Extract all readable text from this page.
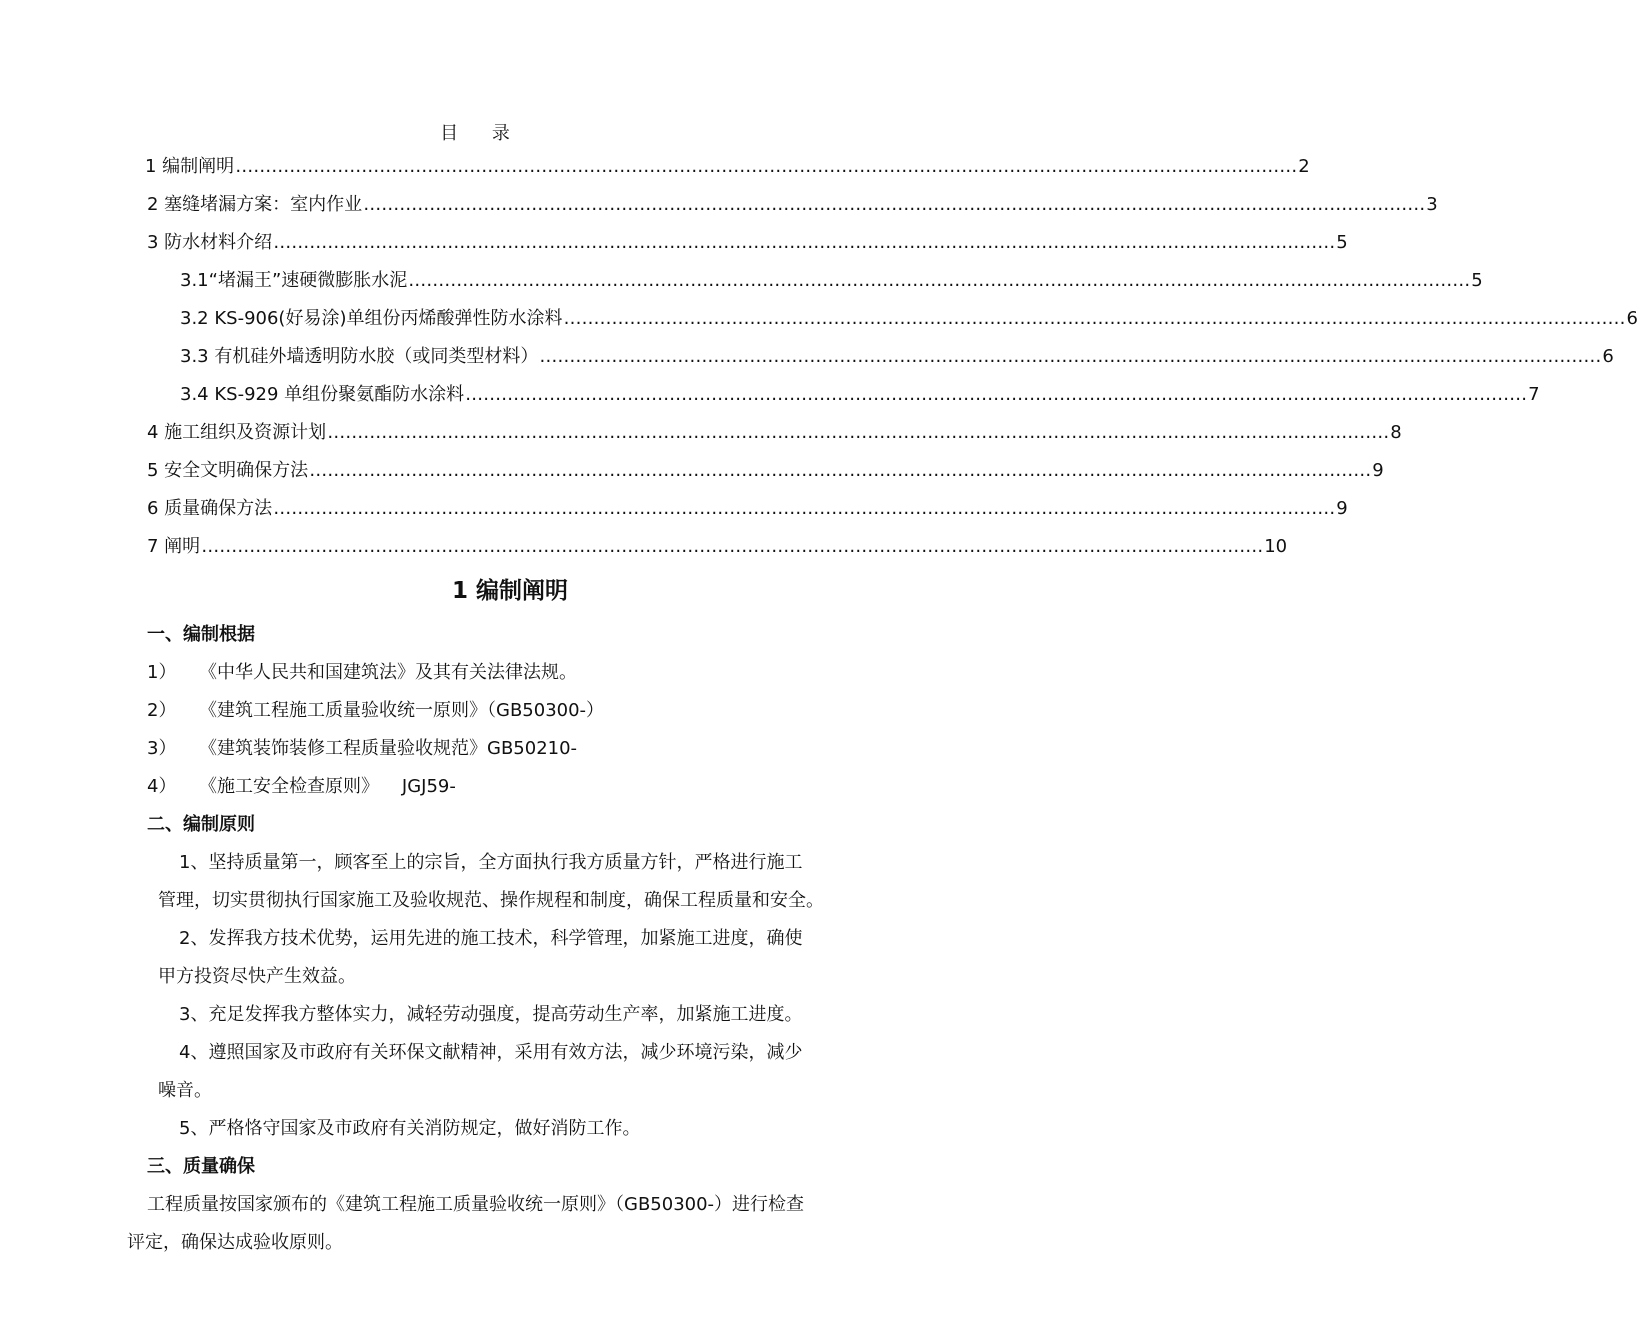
目 录
1 编制阐明 …………………………………………………………………………………………………………………………………………………………… 2
2 塞缝堵漏方案：室内作业 …………………………………………………………………………………………………………………………………………………………… 3
3 防水材料介绍 …………………………………………………………………………………………………………………………………………………………… 5
3.1“堵漏王”速硬微膨胀水泥 …………………………………………………………………………………………………………………………………………………………… 5
3.2 KS-906(好易涂)单组份丙烯酸弹性防水涂料 …………………………………………………………………………………………………………………………………………………………… 6
3.3 有机硅外墙透明防水胶（或同类型材料） …………………………………………………………………………………………………………………………………………………………… 6
3.4 KS-929 单组份聚氨酯防水涂料 …………………………………………………………………………………………………………………………………………………………… 7
4 施工组织及资源计划 …………………………………………………………………………………………………………………………………………………………… 8
5 安全文明确保方法 …………………………………………………………………………………………………………………………………………………………… 9
6 质量确保方法 …………………………………………………………………………………………………………………………………………………………… 9
7 阐明 …………………………………………………………………………………………………………………………………………………………… 10
1 编制阐明
一、编制根据
1） 《中华人民共和国建筑法》及其有关法律法规。
2） 《建筑工程施工质量验收统一原则》（GB50300-）
3） 《建筑装饰装修工程质量验收规范》GB50210-
4） 《施工安全检查原则》    JGJ59-
二、编制原则
1、坚持质量第一，顾客至上的宗旨，全方面执行我方质量方针，严格进行施工
管理，切实贯彻执行国家施工及验收规范、操作规程和制度，确保工程质量和安全。
2、发挥我方技术优势，运用先进的施工技术，科学管理，加紧施工进度，确使
甲方投资尽快产生效益。
3、充足发挥我方整体实力，减轻劳动强度，提高劳动生产率，加紧施工进度。
4、遵照国家及市政府有关环保文献精神，采用有效方法，减少环境污染，减少
噪音。
5、严格恪守国家及市政府有关消防规定，做好消防工作。
三、质量确保
工程质量按国家颁布的《建筑工程施工质量验收统一原则》（GB50300-）进行检查
评定，确保达成验收原则。
